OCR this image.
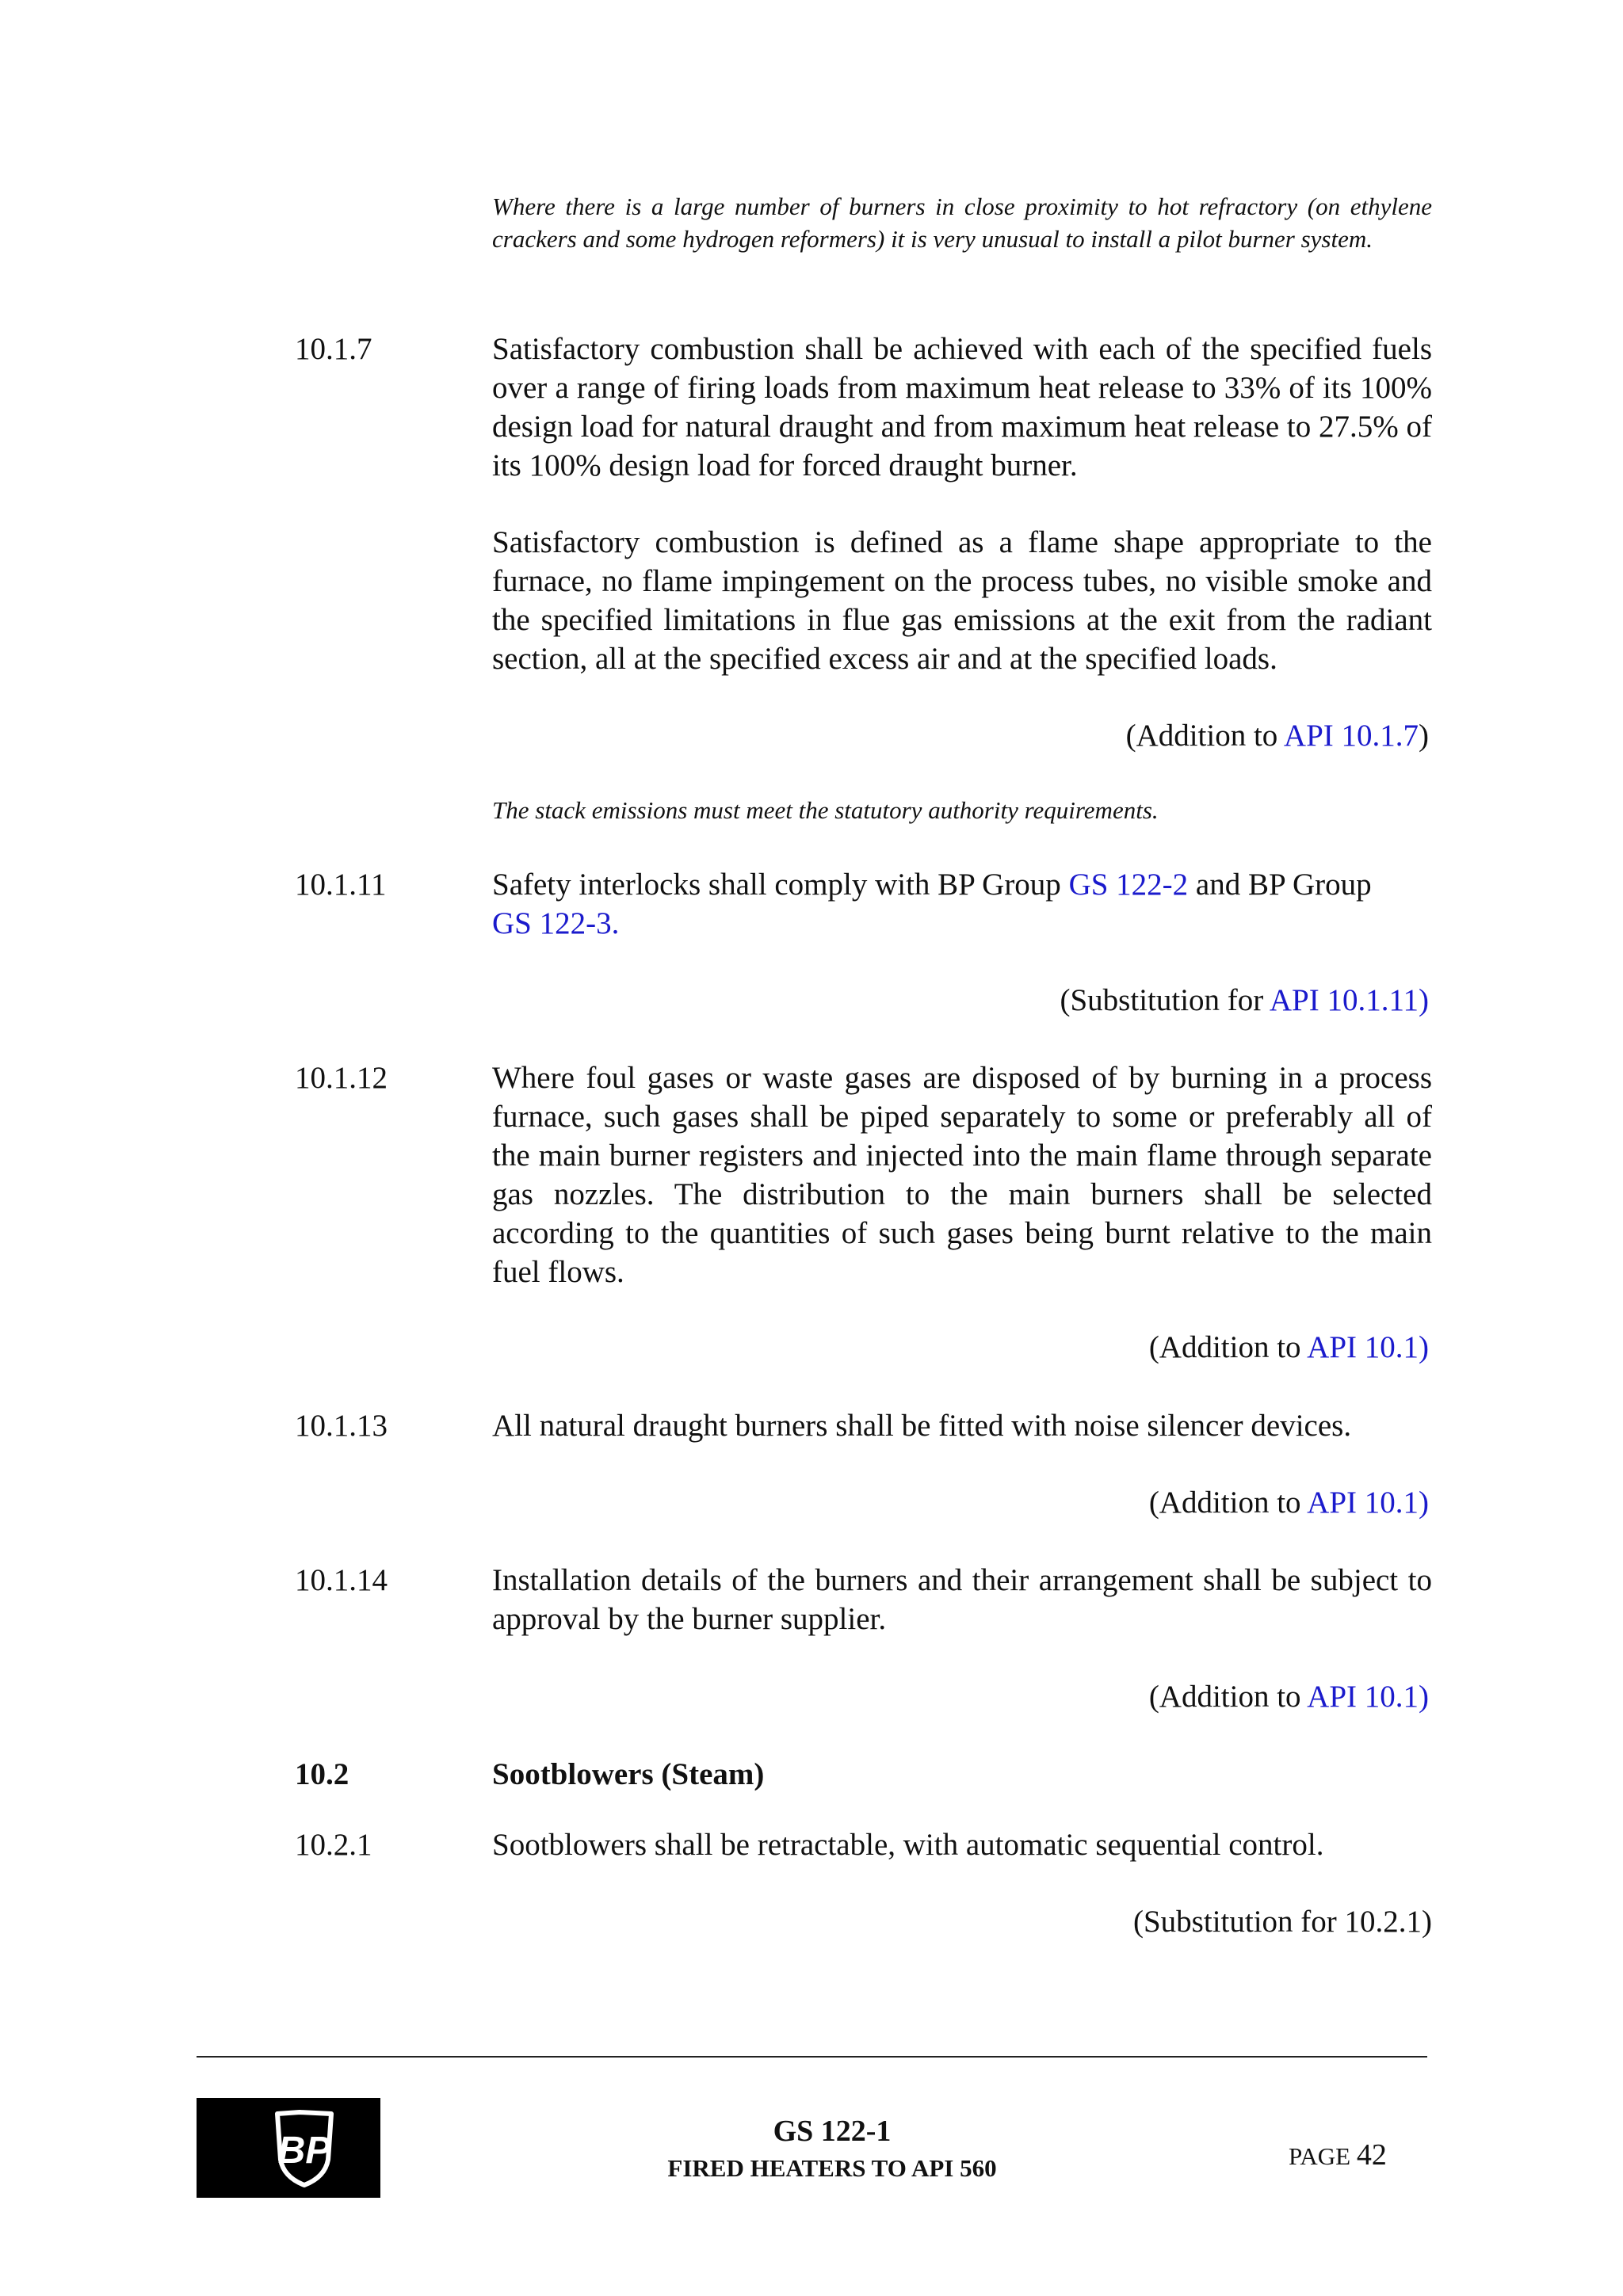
Where there is a large number of burners in close proximity to hot refractory (on ethylene crackers and some hydrogen reformers) it is very unusual to install a pilot burner system.

10.1.7	Satisfactory combustion shall be achieved with each of the specified fuels over a range of firing loads from maximum heat release to 33% of its 100% design load for natural draught and from maximum heat release to 27.5% of its 100% design load for forced draught burner.

Satisfactory combustion is defined as a flame shape appropriate to the furnace, no flame impingement on the process tubes, no visible smoke and the specified limitations in flue gas emissions at the exit from the radiant section, all at the specified excess air and at the specified loads.

(Addition to API 10.1.7)

The stack emissions must meet the statutory authority requirements.

10.1.11	Safety interlocks shall comply with BP Group GS 122-2 and BP Group
GS 122-3.

(Substitution for API 10.1.11)
10.1.12	Where foul gases or waste gases are disposed of by burning in a process furnace, such gases shall be piped separately to some or preferably all of the main burner registers and injected into the main flame through separate gas nozzles. The distribution to the main burners shall be selected according to the quantities of such gases being burnt relative to the main fuel flows.

(Addition to API 10.1)
10.1.13	All natural draught burners shall be fitted with noise silencer devices.

(Addition to API 10.1)
10.1.14	Installation details of the burners and their arrangement shall be subject to approval by the burner supplier.

(Addition to API 10.1)
10.2	Sootblowers (Steam)
10.2.1	Sootblowers shall be retractable, with automatic sequential control.

(Substitution for 10.2.1)
BP	GS 122-1
FIRED HEATERS TO API 560	PAGE 42
